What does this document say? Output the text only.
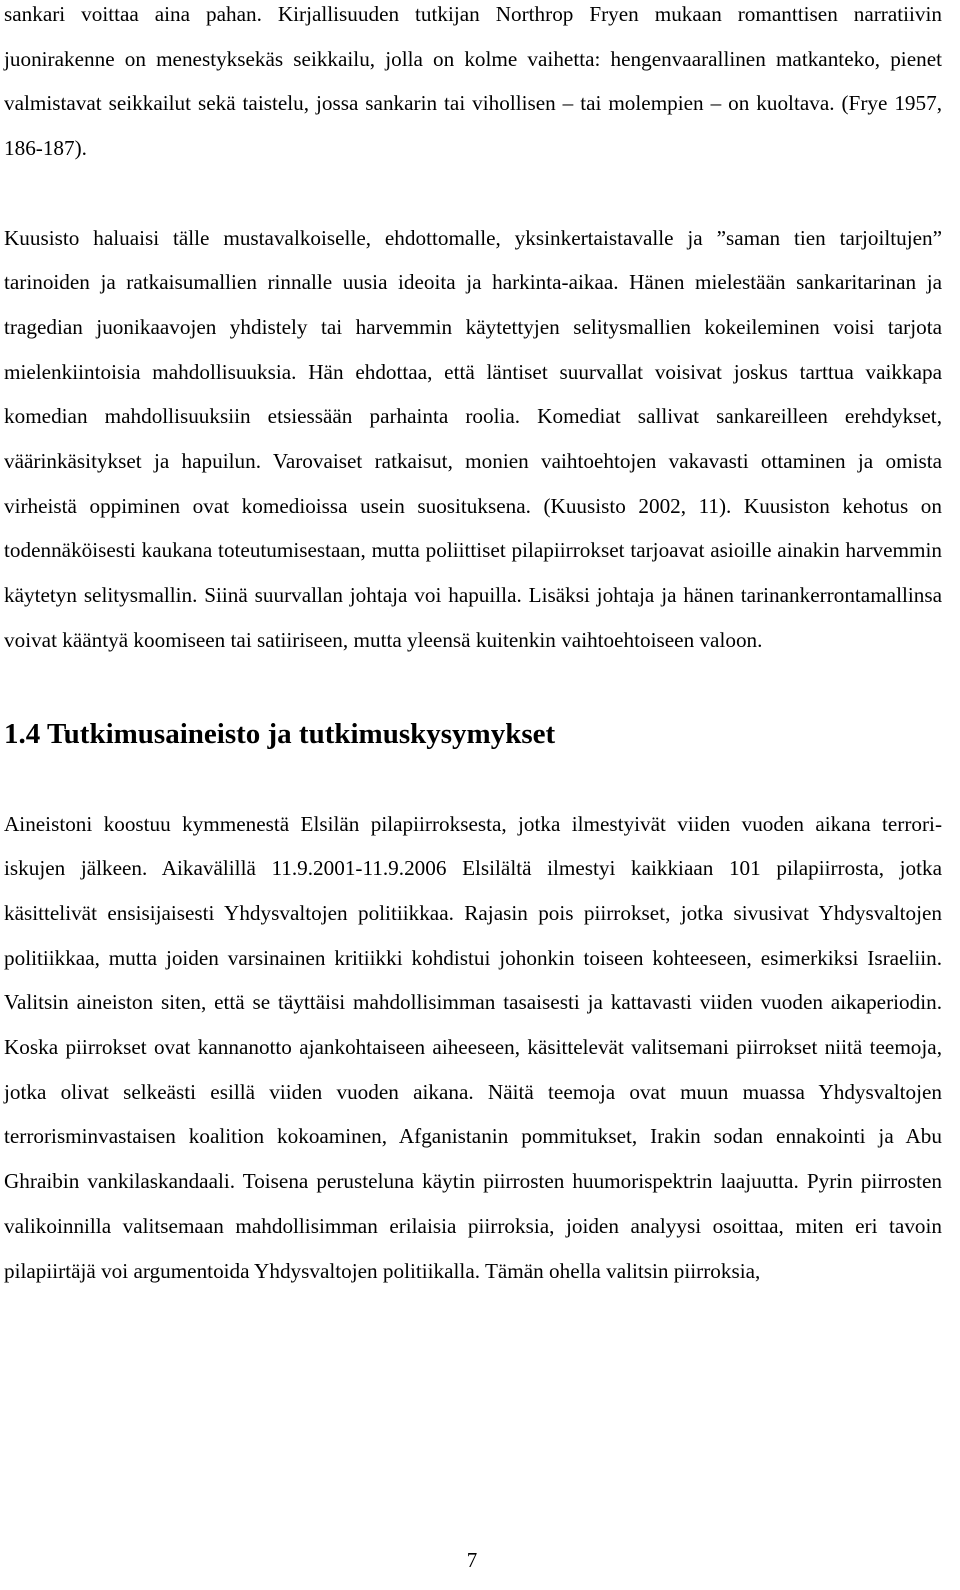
sankari voittaa aina pahan. Kirjallisuuden tutkijan Northrop Fryen mukaan romanttisen narratiivin juonirakenne on menestyksekäs seikkailu, jolla on kolme vaihetta: hengenvaarallinen matkanteko, pienet valmistavat seikkailut sekä taistelu, jossa sankarin tai vihollisen – tai molempien – on kuoltava. (Frye 1957, 186-187).

Kuusisto haluaisi tälle mustavalkoiselle, ehdottomalle, yksinkertaistavalle ja ”saman tien tarjoiltujen” tarinoiden ja ratkaisumallien rinnalle uusia ideoita ja harkinta-aikaa. Hänen mielestään sankaritarinan ja tragedian juonikaavojen yhdistely tai harvemmin käytettyjen selitysmallien kokeileminen voisi tarjota mielenkiintoisia mahdollisuuksia. Hän ehdottaa, että läntiset suurvallat voisivat joskus tarttua vaikkapa komedian mahdollisuuksiin etsiessään parhainta roolia. Komediat sallivat sankareilleen erehdykset, väärinkäsitykset ja hapuilun. Varovaiset ratkaisut, monien vaihtoehtojen vakavasti ottaminen ja omista virheistä oppiminen ovat komedioissa usein suosituksena. (Kuusisto 2002, 11). Kuusiston kehotus on todennäköisesti kaukana toteutumisestaan, mutta poliittiset pilapiirrokset tarjoavat asioille ainakin harvemmin käytetyn selitysmallin. Siinä suurvallan johtaja voi hapuilla. Lisäksi johtaja ja hänen tarinankerrontamallinsa voivat kääntyä koomiseen tai satiiriseen, mutta yleensä kuitenkin vaihtoehtoiseen valoon.

1.4 Tutkimusaineisto ja tutkimuskysymykset

Aineistoni koostuu kymmenestä Elsilän pilapiirroksesta, jotka ilmestyivät viiden vuoden aikana terrori-iskujen jälkeen. Aikavälillä 11.9.2001-11.9.2006 Elsilältä ilmestyi kaikkiaan 101 pilapiirrosta, jotka käsittelivät ensisijaisesti Yhdysvaltojen politiikkaa. Rajasin pois piirrokset, jotka sivusivat Yhdysvaltojen politiikkaa, mutta joiden varsinainen kritiikki kohdistui johonkin toiseen kohteeseen, esimerkiksi Israeliin. Valitsin aineiston siten, että se täyttäisi mahdollisimman tasaisesti ja kattavasti viiden vuoden aikaperiodin. Koska piirrokset ovat kannanotto ajankohtaiseen aiheeseen, käsittelevät valitsemani piirrokset niitä teemoja, jotka olivat selkeästi esillä viiden vuoden aikana. Näitä teemoja ovat muun muassa Yhdysvaltojen terrorisminvastaisen koalition kokoaminen, Afganistanin pommitukset, Irakin sodan ennakointi ja Abu Ghraibin vankilaskandaali. Toisena perusteluna käytin piirrosten huumorispektrin laajuutta. Pyrin piirrosten valikoinnilla valitsemaan mahdollisimman erilaisia piirroksia, joiden analyysi osoittaa, miten eri tavoin pilapiirtäjä voi argumentoida Yhdysvaltojen politiikalla. Tämän ohella valitsin piirroksia,

7
